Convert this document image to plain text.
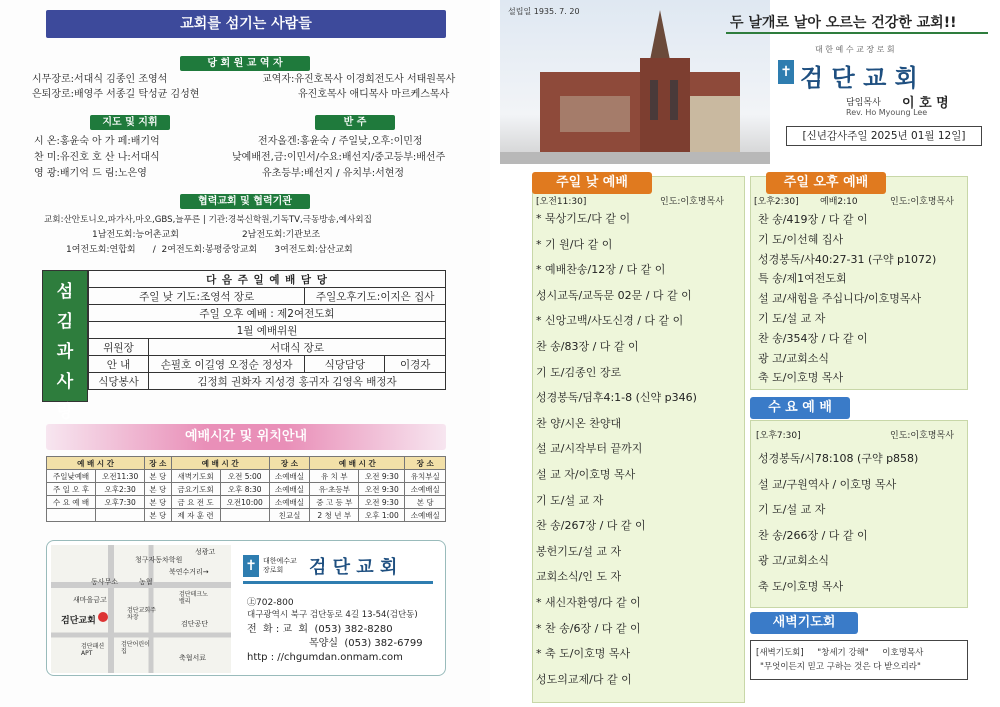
교회를 섬기는 사람들
당 회 원 교 역 자
시무장로:서대식 김종인 조영석
은퇴장로:배영주 서종길 탁성균 김성현
교역자:유진호목사 이경희전도사 서태원목사
유진호목사 애디목사 마르케스목사
지도 및 지휘	반 주
시 온:홍윤숙 아 가 페:배기억
찬 미:유진호 호 산 나:서대식
영 광:배기억 드 림:노은영
전자올겐:홍윤숙 / 주일낮,오후:이민정
낮예배전,금:이민서/수요:배선지/중고등부:배선주
유초등부:배선지 / 유치부:서현정
협력교회 및 협력기관
교회:산안토니오,파가사,마오,GBS,늘푸른 | 기관:경북신학원,기독TV,극동방송,예사외집
1남전도회:능어촌교회                      2남전도회:기관보조
1여전도회:연합회      /  2여전도회:봉평중앙교회      3여전도회:삼산교회
섬 김 과 사 랑
다 음 주 일 예 배 담 당			
주일 낮 기도:조영석 장로		주일오후기도:이지은 집사	
주일 오후 예배 : 제2여전도회			
1월 예배위원			
위원장	서대식 장로		
안 내	손필호 이길영 오정순 정성자	식당담당	이경자
식당봉사	김정희 권화자 지성경 홍귀자 김영옥 배정자		
예배시간 및 위치안내
예 배 시 간		장 소	예 배 시 간		장 소	예 배 시 간		장 소
주일낮예배	오전11:30	본 당	새벽기도회	오전 5:00	소예배실	유 치 부	오전 9:30	유치부실
주 일 오 후	오후2:30	본 당	금요기도회	오후 8:30	소예배실	유·초등부	오전 9:30	소예배실
수 요 예 배	오후7:30	본 당	금 요 전 도	오전10:00	소예배실	중 고 등 부	오전 9:30	본 당
		본 당	제 자 훈 련		친교실	2 청 년 부	오후 1:00	소예배실
청구자동차학원
성광고
북연수거리→
동사무소	농협
새마을금고
검단교회
검단교회주차장
검단테크노밸리
검단공단
검단패션APT
검단어린이집
축협서료
✝ 대한예수교 장로회	검 단 교 회
㊤702-800
대구광역시 북구 검단동로 4길 13-54(검단동)
전  화 : 교  회  (053) 382-8280
목양실  (053) 382-6799
http : //chgumdan.onmam.com
설립일 1935. 7. 20
두 날개로 날아 오르는 건강한 교회!!
대 한 예 수 교 장 로 회
✝ 검 단 교 회
담임목사 이 호 명
Rev. Ho Myoung Lee
[신년감사주일 2025년 01월 12일]
주일 낮 예배
[오전11:30]	인도:이호명목사
주일 오후 예배
[오후2:30] 예배2:10	인도:이호명목사
수 요 예 배
[오후7:30]	인도:이호명목사
새벽기도회
[새벽기도회]     "창세기 강해"     이호명목사
"무엇이든지 믿고 구하는 것은 다 받으리라"
* 묵상기도/다 같 이
* 기 원/다 같 이
* 예배찬송/12장 / 다 같 이
성시교독/교독문 02문 / 다 같 이
* 신앙고백/사도신경 / 다 같 이
찬 송/83장 / 다 같 이
기 도/김종인 장로
성경봉독/딤후4:1-8 (신약 p346)
찬 양/시온 찬양대
설 교/시작부터 끝까지
설 교 자/이호명 목사
기 도/설 교 자
찬 송/267장 / 다 같 이
봉헌기도/설 교 자
교회소식/인 도 자
* 새신자환영/다 같 이
* 찬 송/6장 / 다 같 이
* 축 도/이호명 목사
성도의교제/다 같 이
찬 송/419장 / 다 같 이
기 도/이선혜 집사
성경봉독/사40:27-31 (구약 p1072)
특 송/제1여전도회
설 교/새힘을 주십니다/이호명목사
기 도/설 교 자
찬 송/354장 / 다 같 이
광 고/교회소식
축 도/이호명 목사
성경봉독/시78:108 (구약 p858)
설 교/구원역사 / 이호명 목사
기 도/설 교 자
찬 송/266장 / 다 같 이
광 고/교회소식
축 도/이호명 목사
